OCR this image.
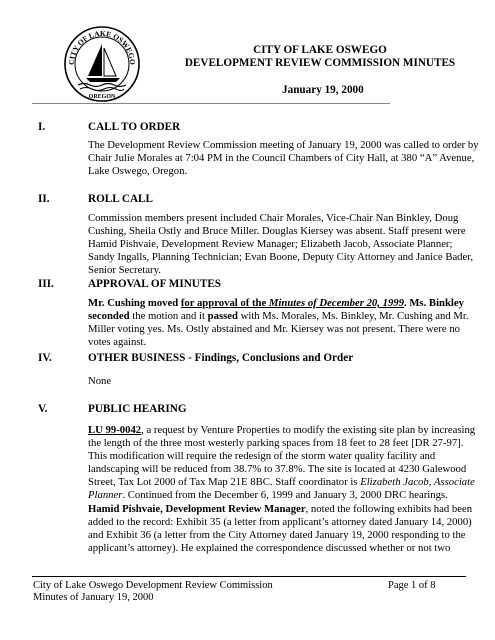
CITY OF LAKE OSWEGO
OREGON
CITY OF LAKE OSWEGO
DEVELOPMENT REVIEW COMMISSION MINUTES
January 19, 2000
I.	CALL TO ORDER

The Development Review Commission meeting of January 19, 2000 was called to order by Chair Julie Morales at 7:04 PM in the Council Chambers of City Hall, at 380 “A” Avenue, Lake Oswego, Oregon.

II.	ROLL CALL

Commission members present included Chair Morales, Vice-Chair Nan Binkley, Doug Cushing, Sheila Ostly and Bruce Miller. Douglas Kiersey was absent. Staff present were Hamid Pishvaie, Development Review Manager; Elizabeth Jacob, Associate Planner; Sandy Ingalls, Planning Technician; Evan Boone, Deputy City Attorney and Janice Bader, Senior Secretary.

III.	APPROVAL OF MINUTES

Mr. Cushing moved for approval of the Minutes of December 20, 1999. Ms. Binkley seconded the motion and it passed with Ms. Morales, Ms. Binkley, Mr. Cushing and Mr. Miller voting yes. Ms. Ostly abstained and Mr. Kiersey was not present. There were no votes against.

IV.	OTHER BUSINESS - Findings, Conclusions and Order

None

V.	PUBLIC HEARING

LU 99-0042, a request by Venture Properties to modify the existing site plan by increasing the length of the three most westerly parking spaces from 18 feet to 28 feet [DR 27-97]. This modification will require the redesign of the storm water quality facility and landscaping will be reduced from 38.7% to 37.8%. The site is located at 4230 Galewood Street, Tax Lot 2000 of Tax Map 21E 8BC. Staff coordinator is Elizabeth Jacob, Associate Planner. Continued from the December 6, 1999 and January 3, 2000 DRC hearings.

Hamid Pishvaie, Development Review Manager, noted the following exhibits had been added to the record: Exhibit 35 (a letter from applicant’s attorney dated January 14, 2000) and Exhibit 36 (a letter from the City Attorney dated January 19, 2000 responding to the applicant’s attorney). He explained the correspondence discussed whether or not two

City of Lake Oswego Development Review Commission
Minutes of January 19, 2000
Page 1 of 8
